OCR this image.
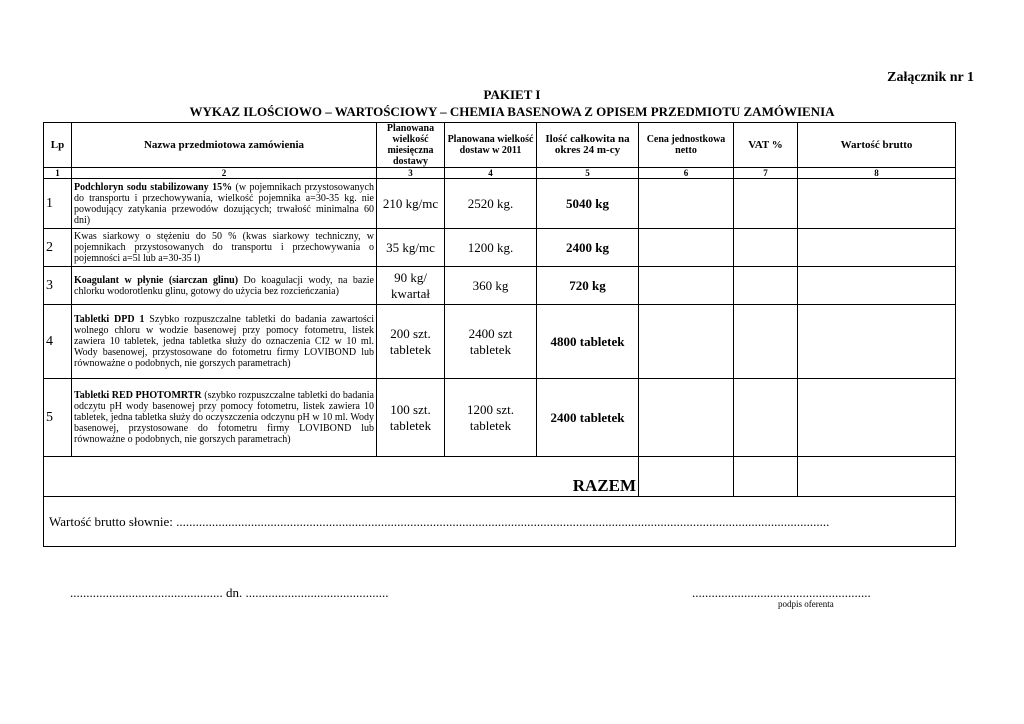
Załącznik nr 1
PAKIET I
WYKAZ ILOŚCIOWO – WARTOŚCIOWY – CHEMIA BASENOWA Z OPISEM PRZEDMIOTU ZAMÓWIENIA
Lp	Nazwa przedmiotowa zamówienia	Planowana wielkość miesięczna dostawy	Planowana wielkość dostaw w 2011	Ilość całkowita na okres 24 m-cy	Cena jednostkowa netto	VAT %	Wartość brutto
1	2	3	4	5	6	7	8
1	Podchloryn sodu stabilizowany 15% (w pojemnikach przystosowanych do transportu i przechowywania, wielkość pojemnika a=30-35 kg. nie powodujący zatykania przewodów dozujących; trwałość minimalna 60 dni)	210 kg/mc	2520 kg.	5040 kg			
2	Kwas siarkowy o stężeniu do 50 % (kwas siarkowy techniczny, w pojemnikach przystosowanych do transportu i przechowywania o pojemności a=5l lub a=30-35 l)	35 kg/mc	1200 kg.	2400 kg			
3	Koagulant w płynie (siarczan glinu) Do koagulacji wody, na bazie chlorku wodorotlenku glinu, gotowy do użycia bez rozcieńczania)	90 kg/ kwartał	360 kg	720 kg			
4	Tabletki DPD 1 Szybko rozpuszczalne tabletki do badania zawartości wolnego chloru w wodzie basenowej przy pomocy fotometru, listek zawiera 10 tabletek, jedna tabletka służy do oznaczenia CI2 w 10 ml. Wody basenowej, przystosowane do fotometru firmy LOVIBOND lub równoważne o podobnych, nie gorszych parametrach)	200 szt. tabletek	2400 szt tabletek	4800 tabletek			
5	Tabletki RED PHOTOMRTR (szybko rozpuszczalne tabletki do badania odczytu pH wody basenowej przy pomocy fotometru, listek zawiera 10 tabletek, jedna tabletka służy do oczyszczenia odczynu pH w 10 ml. Wody basenowej, przystosowane do fotometru firmy LOVIBOND lub równoważne o podobnych, nie gorszych parametrach)	100 szt. tabletek	1200 szt. tabletek	2400 tabletek			
RAZEM							
Wartość brutto słownie: .........................................................................................................................................................................................................							
............................................... dn. ............................................	.......................................................
podpis oferenta
